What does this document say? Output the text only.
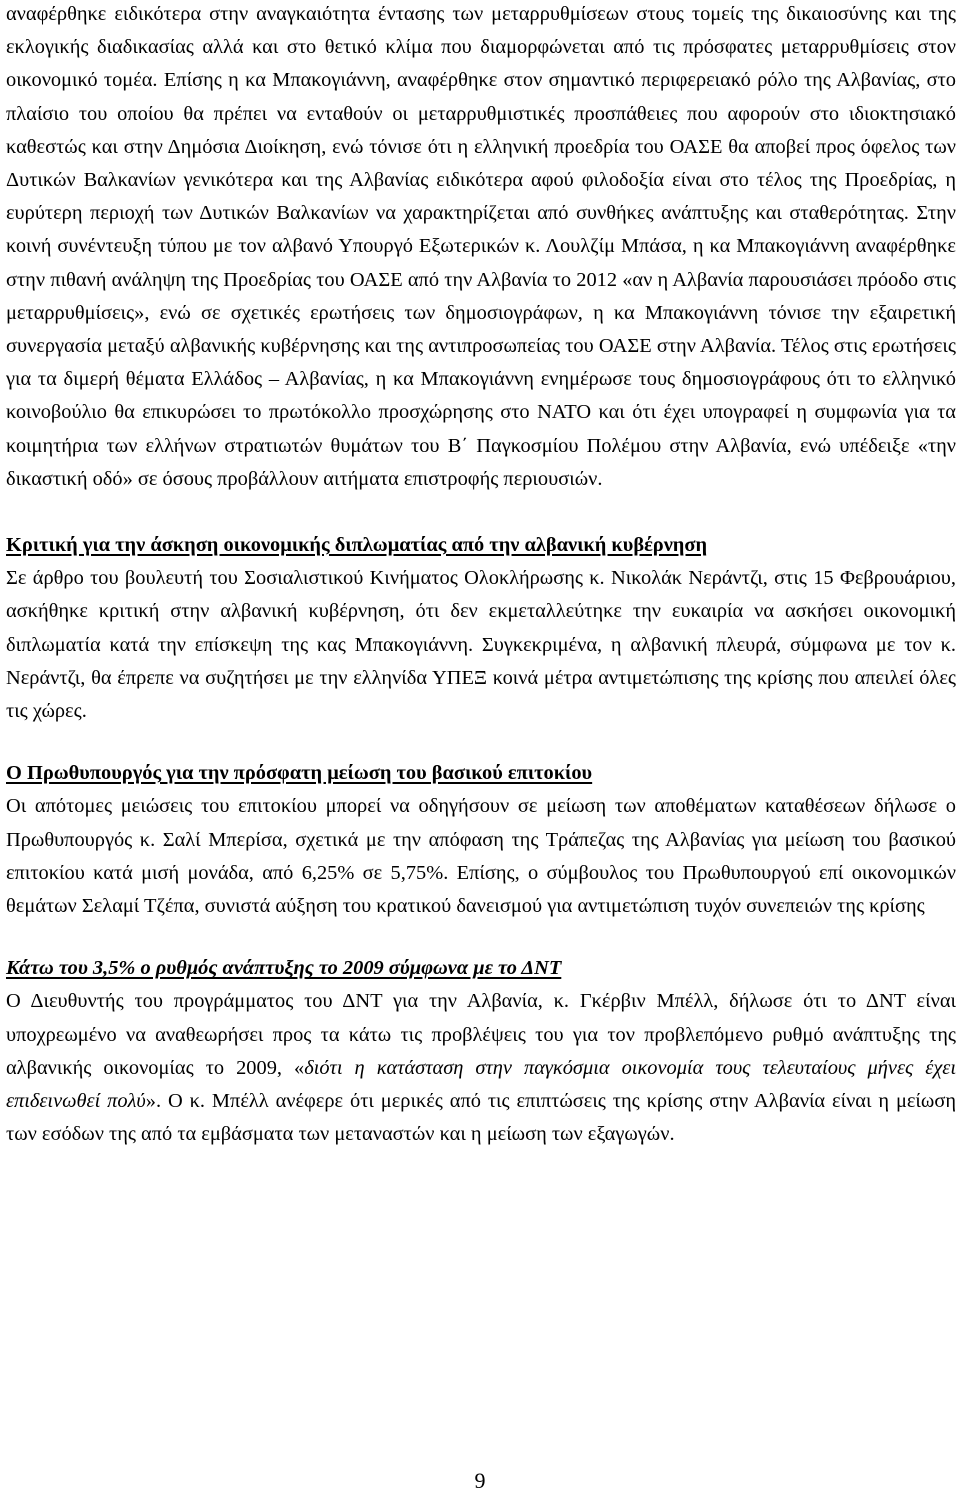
αναφέρθηκε ειδικότερα στην αναγκαιότητα έντασης των μεταρρυθμίσεων στους τομείς της δικαιοσύνης και της εκλογικής διαδικασίας αλλά και στο θετικό κλίμα που διαμορφώνεται από τις πρόσφατες μεταρρυθμίσεις στον οικονομικό τομέα. Επίσης η κα Μπακογιάννη, αναφέρθηκε στον σημαντικό περιφερειακό ρόλο της Αλβανίας, στο πλαίσιο του οποίου θα πρέπει να ενταθούν οι μεταρρυθμιστικές προσπάθειες που αφορούν στο ιδιοκτησιακό καθεστώς και στην Δημόσια Διοίκηση, ενώ τόνισε ότι η ελληνική προεδρία του ΟΑΣΕ θα αποβεί προς όφελος των Δυτικών Βαλκανίων γενικότερα και της Αλβανίας ειδικότερα αφού φιλοδοξία είναι στο τέλος της Προεδρίας, η ευρύτερη περιοχή των Δυτικών Βαλκανίων να χαρακτηρίζεται από συνθήκες ανάπτυξης και σταθερότητας. Στην κοινή συνέντευξη τύπου με τον αλβανό Υπουργό Εξωτερικών κ. Λουλζίμ Μπάσα, η κα Μπακογιάννη αναφέρθηκε στην πιθανή ανάληψη της Προεδρίας του ΟΑΣΕ από την Αλβανία το 2012 «αν η Αλβανία παρουσιάσει πρόοδο στις μεταρρυθμίσεις», ενώ σε σχετικές ερωτήσεις των δημοσιογράφων, η κα Μπακογιάννη τόνισε την εξαιρετική συνεργασία μεταξύ αλβανικής κυβέρνησης και της αντιπροσωπείας του ΟΑΣΕ στην Αλβανία. Τέλος στις ερωτήσεις για τα διμερή θέματα Ελλάδος – Αλβανίας, η κα Μπακογιάννη ενημέρωσε τους δημοσιογράφους ότι το ελληνικό κοινοβούλιο θα επικυρώσει το πρωτόκολλο προσχώρησης στο ΝΑΤΟ και ότι έχει υπογραφεί η συμφωνία για τα κοιμητήρια των ελλήνων στρατιωτών θυμάτων του Β΄ Παγκοσμίου Πολέμου στην Αλβανία, ενώ υπέδειξε «την δικαστική οδό» σε όσους προβάλλουν αιτήματα επιστροφής περιουσιών.

Κριτική για την άσκηση οικονομικής διπλωματίας από την αλβανική κυβέρνηση

Σε άρθρο του βουλευτή του Σοσιαλιστικού Κινήματος Ολοκλήρωσης κ. Νικολάκ Νεράντζι, στις 15 Φεβρουάριου, ασκήθηκε κριτική στην αλβανική κυβέρνηση, ότι δεν εκμεταλλεύτηκε την ευκαιρία να ασκήσει οικονομική διπλωματία κατά την επίσκεψη της κας Μπακογιάννη. Συγκεκριμένα, η αλβανική πλευρά, σύμφωνα με τον κ. Νεράντζι, θα έπρεπε να συζητήσει με την ελληνίδα ΥΠΕΞ κοινά μέτρα αντιμετώπισης της κρίσης που απειλεί όλες τις χώρες.

Ο Πρωθυπουργός για την πρόσφατη μείωση του βασικού επιτοκίου

Οι απότομες μειώσεις του επιτοκίου μπορεί να οδηγήσουν σε μείωση των αποθέματων καταθέσεων δήλωσε ο Πρωθυπουργός κ. Σαλί Μπερίσα, σχετικά με την απόφαση της Τράπεζας της Αλβανίας για μείωση του βασικού επιτοκίου κατά μισή μονάδα, από 6,25% σε 5,75%. Επίσης, ο σύμβουλος του Πρωθυπουργού επί οικονομικών θεμάτων Σελαμί Τζέπα, συνιστά αύξηση του κρατικού δανεισμού για αντιμετώπιση τυχόν συνεπειών της κρίσης

Κάτω του 3,5% ο ρυθμός ανάπτυξης το 2009 σύμφωνα με το ΔΝΤ

Ο Διευθυντής του προγράμματος του ΔΝΤ για την Αλβανία, κ. Γκέρβιν Μπέλλ, δήλωσε ότι το ΔΝΤ είναι υποχρεωμένο να αναθεωρήσει προς τα κάτω τις προβλέψεις του για τον προβλεπόμενο ρυθμό ανάπτυξης της αλβανικής οικονομίας το 2009, «διότι η κατάσταση στην παγκόσμια οικονομία τους τελευταίους μήνες έχει επιδεινωθεί πολύ». Ο κ. Μπέλλ ανέφερε ότι μερικές από τις επιπτώσεις της κρίσης στην Αλβανία είναι η μείωση των εσόδων της από τα εμβάσματα των μεταναστών και η μείωση των εξαγωγών.

9
